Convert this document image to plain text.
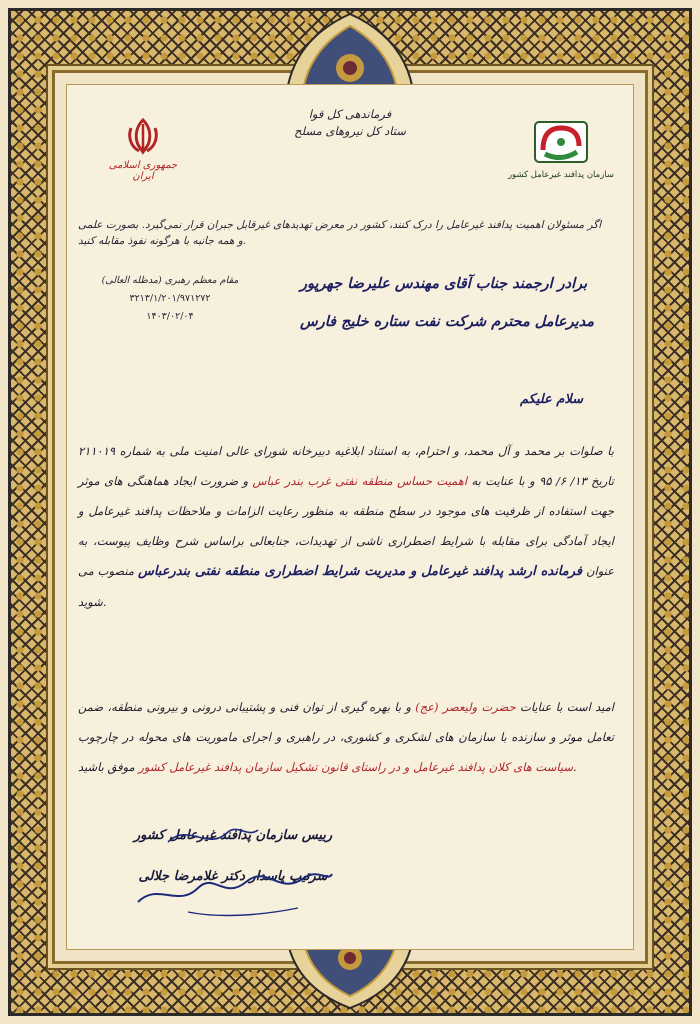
فرماندهی کل قوا
ستاد کل نیروهای مسلح
جمهوری اسلامی ایران	سازمان پدافند غیرعامل کشور
اگر مسئولان اهمیت پدافند غیرعامل را درک کنند، کشور در معرض تهدیدهای غیرقابل جبران قرار نمی‌گیرد. بصورت علمی و همه جانبه با هرگونه نفوذ مقابله کنید.
مقام معظم رهبری (مدظله العالی)
۳۲۱۳/۱/۲۰۱/۹۷۱۲۷۲
۱۴۰۳/۰۲/۰۴
برادر ارجمند جناب آقای مهندس علیرضا جهرپور
مدیرعامل محترم شرکت نفت ستاره خلیج فارس
سلام علیکم
با صلوات بر محمد و آل محمد، و احترام، به استناد ابلاغیه دبیرخانه شورای عالی امنیت ملی به شماره ۲۱۱۰۱۹ تاریخ ۱۳/ ۶/ ۹۵ و با عنایت به اهمیت حساس منطقه نفتی غرب بندر عباس و ضرورت ایجاد هماهنگی های موثر جهت استفاده از ظرفیت های موجود در سطح منطقه به منظور رعایت الزامات و ملاحظات پدافند غیرعامل و ایجاد آمادگی برای مقابله با شرایط اضطراری ناشی از تهدیدات، جنابعالی براساس شرح وظایف پیوست، به عنوان فرمانده ارشد پدافند غیرعامل و مدیریت شرایط اضطراری منطقه نفتی بندرعباس منصوب می شوید.
امید است با عنایات حضرت ولیعصر (عج) و با بهره گیری از توان فنی و پشتیبانی درونی و بیرونی منطقه، ضمن تعامل موثر و سازنده با سازمان های لشکری و کشوری، در راهبری و اجرای ماموریت های محوله در چارچوب سیاست های کلان پدافند غیرعامل و در راستای قانون تشکیل سازمان پدافند غیرعامل کشور موفق باشید.
رییس سازمان پدافند غیرعامل کشور
سرتیپ پاسدار دکتر غلامرضا جلالی
